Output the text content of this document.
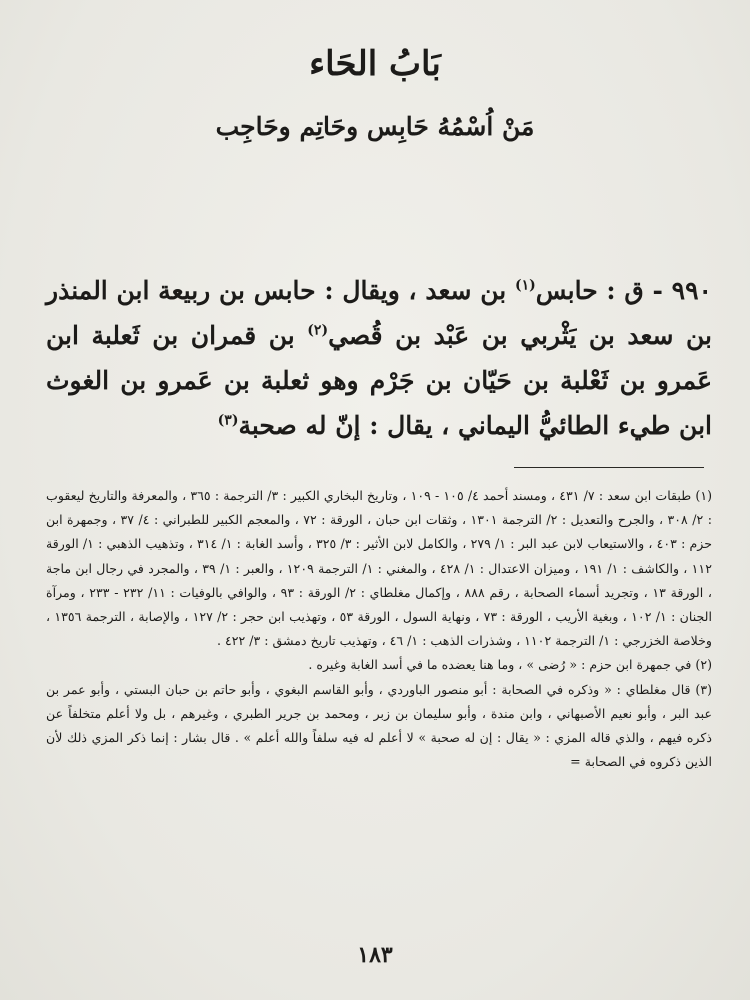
بَابُ الحَاء
مَنْ اُسْمُهُ حَابِس وحَاتِم وحَاجِب
٩٩٠ - ق : حابس$^{(١)}$ بن سعد ، ويقال : حابس بن ربيعة ابن المنذر بن سعد بن يَثْربي بن عَبْد بن قُصي$^{(٢)}$ بن قمران بن ثَعلبة ابن عَمرو بن ثَعْلبة بن حَيّان بن جَرْم وهو ثعلبة بن عَمرو بن الغوث ابن طيء الطائيُّ اليماني ، يقال : إنّ له صحبة$^{(٣)}$

(١) طبقات ابن سعد : ٧/ ٤٣١ ، ومسند أحمد ٤/ ١٠٥ - ١٠٩ ، وتاريخ البخاري الكبير : ٣/ الترجمة : ٣٦٥ ، والمعرفة والتاريخ ليعقوب : ٢/ ٣٠٨ ، والجرح والتعديل : ٢/ الترجمة ١٣٠١ ، وثقات ابن حبان ، الورقة : ٧٢ ، والمعجم الكبير للطبراني : ٤/ ٣٧ ، وجمهرة ابن حزم : ٤٠٣ ، والاستيعاب لابن عبد البر : ١/ ٢٧٩ ، والكامل لابن الأثير : ٣/ ٣٢٥ ، وأسد الغابة : ١/ ٣١٤ ، وتذهيب الذهبي : ١/ الورقة ١١٢ ، والكاشف : ١/ ١٩١ ، وميزان الاعتدال : ١/ ٤٢٨ ، والمغني : ١/ الترجمة ١٢٠٩ ، والعبر : ١/ ٣٩ ، والمجرد في رجال ابن ماجة ، الورقة ١٣ ، وتجريد أسماء الصحابة ، رقم ٨٨٨ ، وإكمال مغلطاي : ٢/ الورقة : ٩٣ ، والوافي بالوفيات : ١١/ ٢٣٢ - ٢٣٣ ، ومرآة الجنان : ١/ ١٠٢ ، وبغية الأريب ، الورقة : ٧٣ ، ونهاية السول ، الورقة ٥٣ ، وتهذيب ابن حجر : ٢/ ١٢٧ ، والإصابة ، الترجمة ١٣٥٦ ، وخلاصة الخزرجي : ١/ الترجمة ١١٠٢ ، وشذرات الذهب : ١/ ٤٦ ، وتهذيب تاريخ دمشق : ٣/ ٤٢٢ .

(٢) في جمهرة ابن حزم : « رُضى » ، وما هنا يعضده ما في أسد الغابة وغيره .

(٣) قال مغلطاي : « وذكره في الصحابة : أبو منصور الباوردي ، وأبو القاسم البغوي ، وأبو حاتم بن حبان البستي ، وأبو عمر بن عبد البر ، وأبو نعيم الأصبهاني ، وابن مندة ، وأبو سليمان بن زبر ، ومحمد بن جرير الطبري ، وغيرهم ، بل ولا أعلم متخلفاً عن ذكره فيهم ، والذي قاله المزي : « يقال : إن له صحبة » لا أعلم له فيه سلفاً والله أعلم » . قال بشار : إنما ذكر المزي ذلك لأن الذين ذكروه في الصحابة =

١٨٣
